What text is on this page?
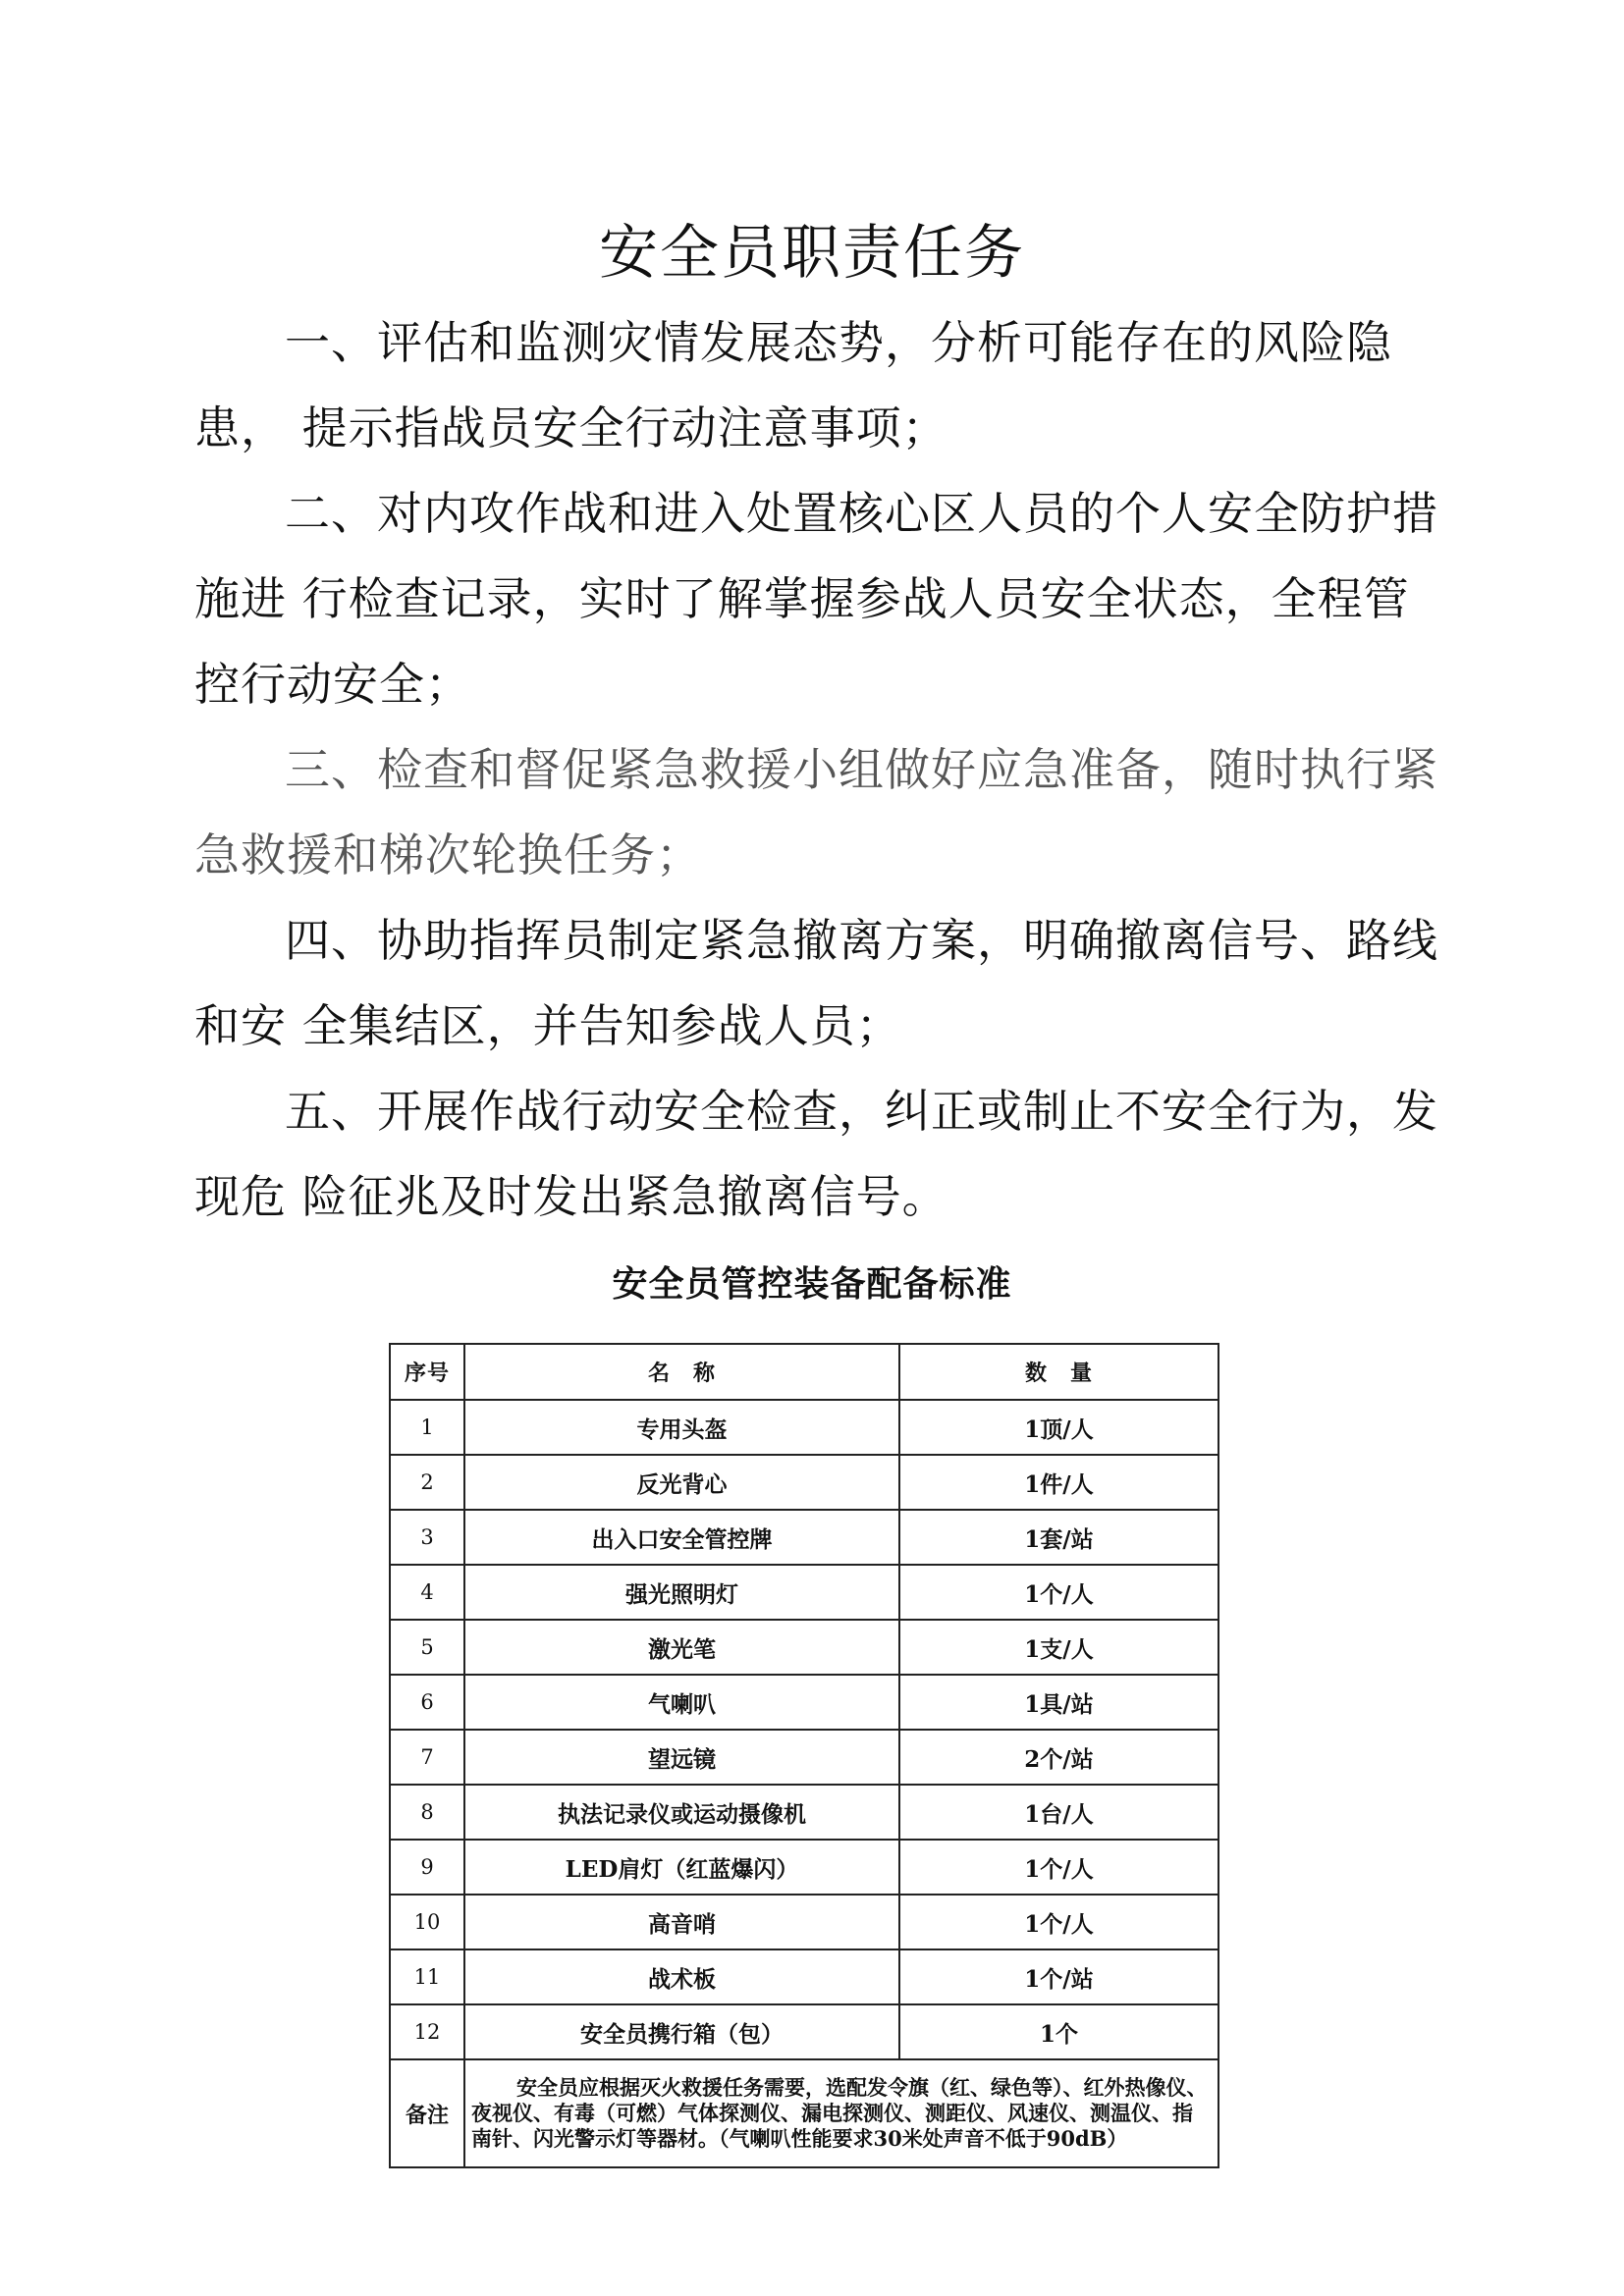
安全员职责任务

一、评估和监测灾情发展态势，分析可能存在的风险隐患， 提示指战员安全行动注意事项；

二、对内攻作战和进入处置核心区人员的个人安全防护措施进 行检查记录，实时了解掌握参战人员安全状态，全程管控行动安全；

三、检查和督促紧急救援小组做好应急准备，随时执行紧急救援和梯次轮换任务；

四、协助指挥员制定紧急撤离方案，明确撤离信号、路线和安 全集结区，并告知参战人员；

五、开展作战行动安全检查，纠正或制止不安全行为，发现危 险征兆及时发出紧急撤离信号。

安全员管控装备配备标准
序号	名　称	数　量
1	专用头盔	1顶/人
2	反光背心	1件/人
3	出入口安全管控牌	1套/站
4	强光照明灯	1个/人
5	激光笔	1支/人
6	气喇叭	1具/站
7	望远镜	2个/站
8	执法记录仪或运动摄像机	1台/人
9	LED肩灯（红蓝爆闪）	1个/人
10	高音哨	1个/人
11	战术板	1个/站
12	安全员携行箱（包）	1个
备注	安全员应根据灭火救援任务需要，选配发令旗（红、绿色等）、红外热像仪、夜视仪、有毒（可燃）气体探测仪、漏电探测仪、测距仪、风速仪、测温仪、指南针、闪光警示灯等器材。（气喇叭性能要求30米处声音不低于90dB）	
